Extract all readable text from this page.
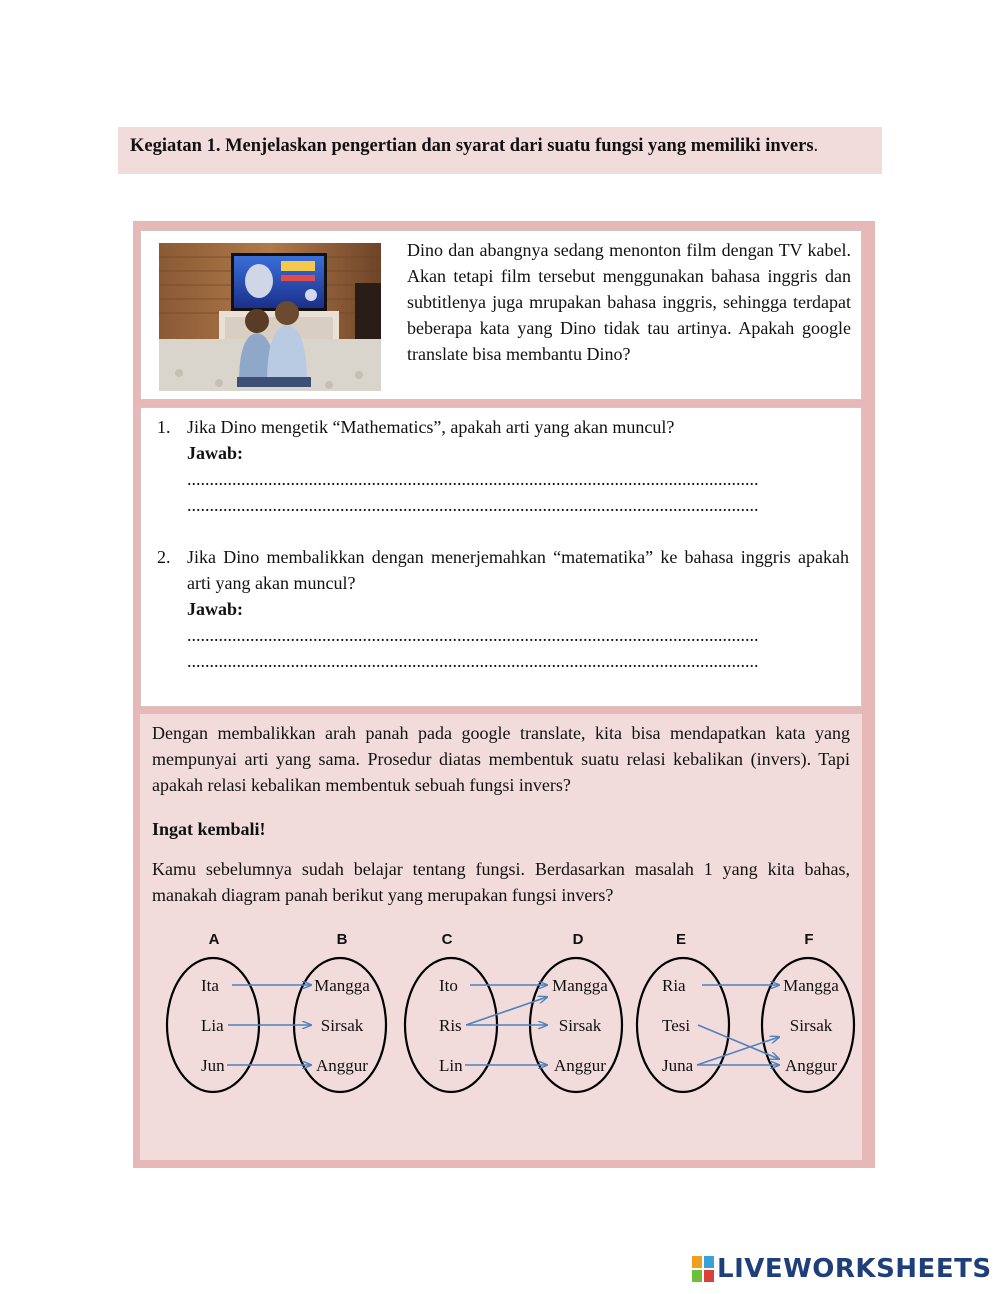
Kegiatan 1. Menjelaskan pengertian dan syarat dari suatu fungsi yang memiliki invers.
Dino dan abangnya sedang menonton film dengan TV kabel. Akan tetapi film tersebut menggunakan bahasa inggris dan subtitlenya juga mrupakan bahasa inggris, sehingga terdapat beberapa kata yang Dino tidak tau artinya. Apakah google translate bisa membantu Dino?
1. Jika Dino mengetik “Mathematics”, apakah arti yang akan muncul?
Jawab:
...............................................................................................................................
...............................................................................................................................
2. Jika Dino membalikkan dengan menerjemahkan “matematika” ke bahasa inggris apakah arti yang akan muncul?
Jawab:
...............................................................................................................................
...............................................................................................................................
Dengan membalikkan arah panah pada google translate, kita bisa mendapatkan kata yang mempunyai arti yang sama. Prosedur diatas membentuk suatu relasi kebalikan (invers). Tapi apakah relasi kebalikan membentuk sebuah fungsi invers?
Ingat kembali!
Kamu sebelumnya sudah belajar tentang fungsi. Berdasarkan masalah 1 yang kita bahas, manakah diagram panah berikut yang merupakan fungsi invers?
A	B
Ita
Lia
Jun
Mangga
Sirsak
Anggur
C	D
Ito
Ris
Lin
Mangga
Sirsak
Anggur
E	F
Ria
Tesi
Juna
Mangga
Sirsak
Anggur
LIVEWORKSHEETS
